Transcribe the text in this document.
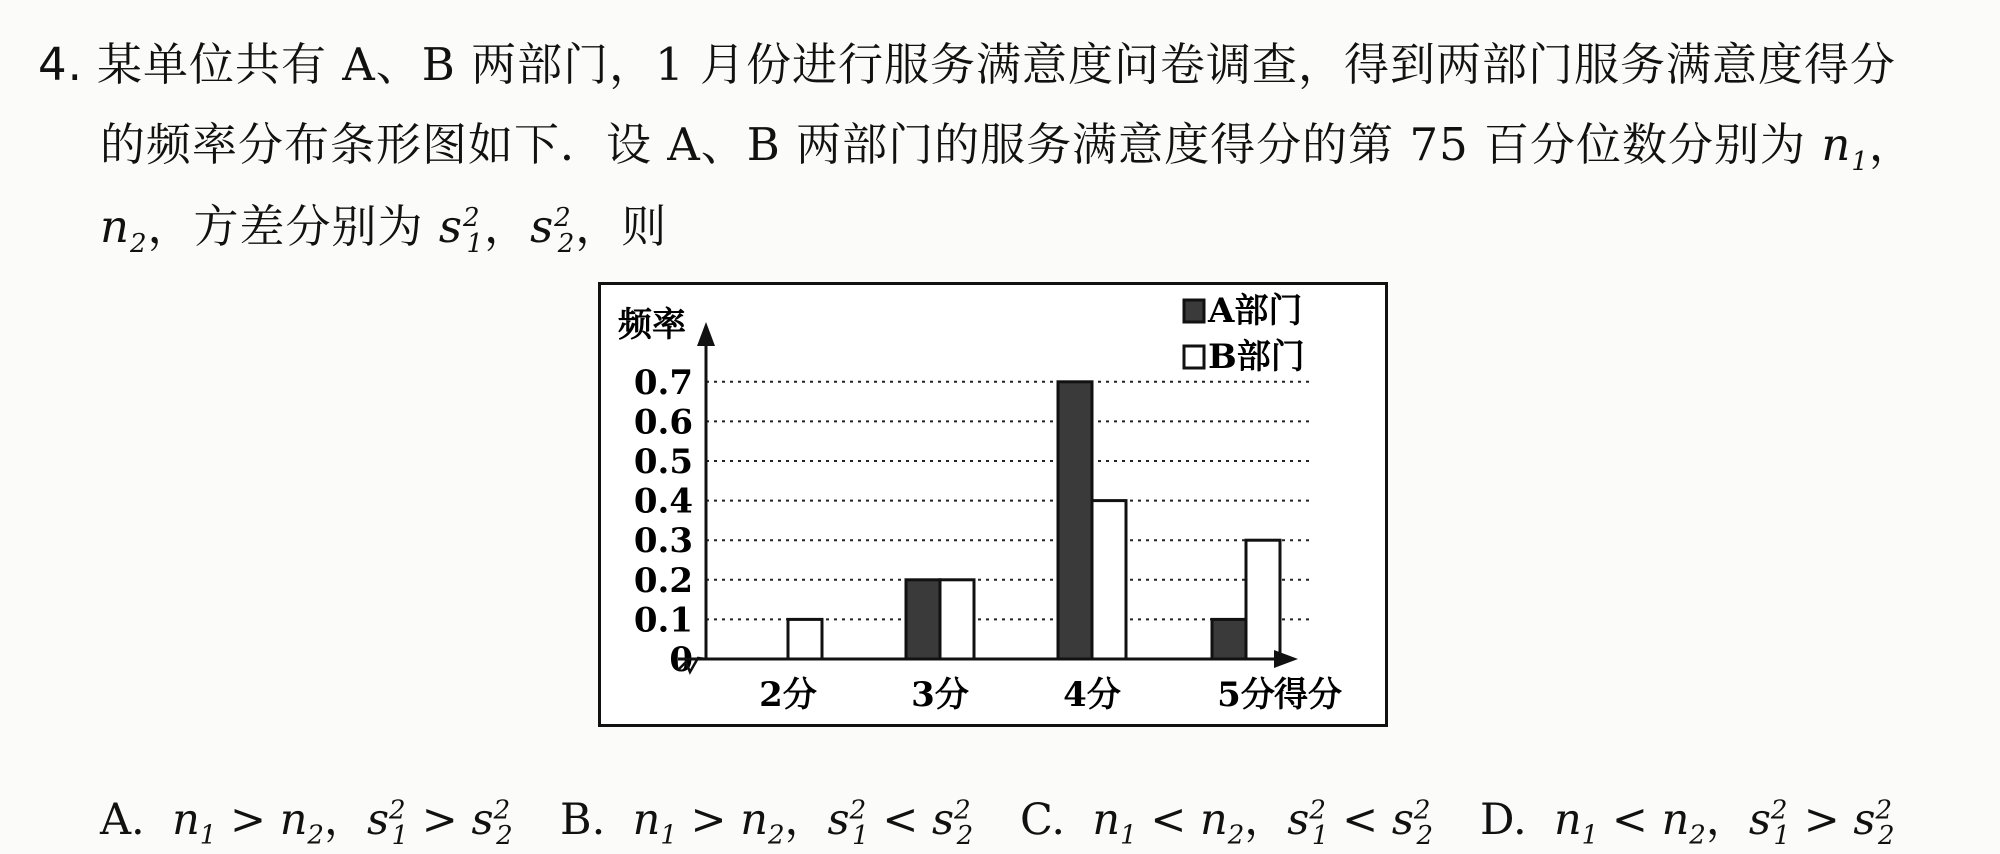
4. 某单位共有 A、B 两部门，1 月份进行服务满意度问卷调查，得到两部门服务满意度得分
的频率分布条形图如下．设 A、B 两部门的服务满意度得分的第 75 百分位数分别为 $n_1$，
$n_2$，方差分别为 $s^2_1$，$s^2_2$，则
0
0.1
0.2
0.3
0.4
0.5
0.6
0.7
2分	3分	4分	5分
频率
得分
A部门
B部门
A. $n_1 > n_2$，$s^2_1 > s^2_2$ B. $n_1 > n_2$，$s^2_1 < s^2_2$ C. $n_1 < n_2$，$s^2_1 < s^2_2$ D. $n_1 < n_2$，$s^2_1 > s^2_2$
